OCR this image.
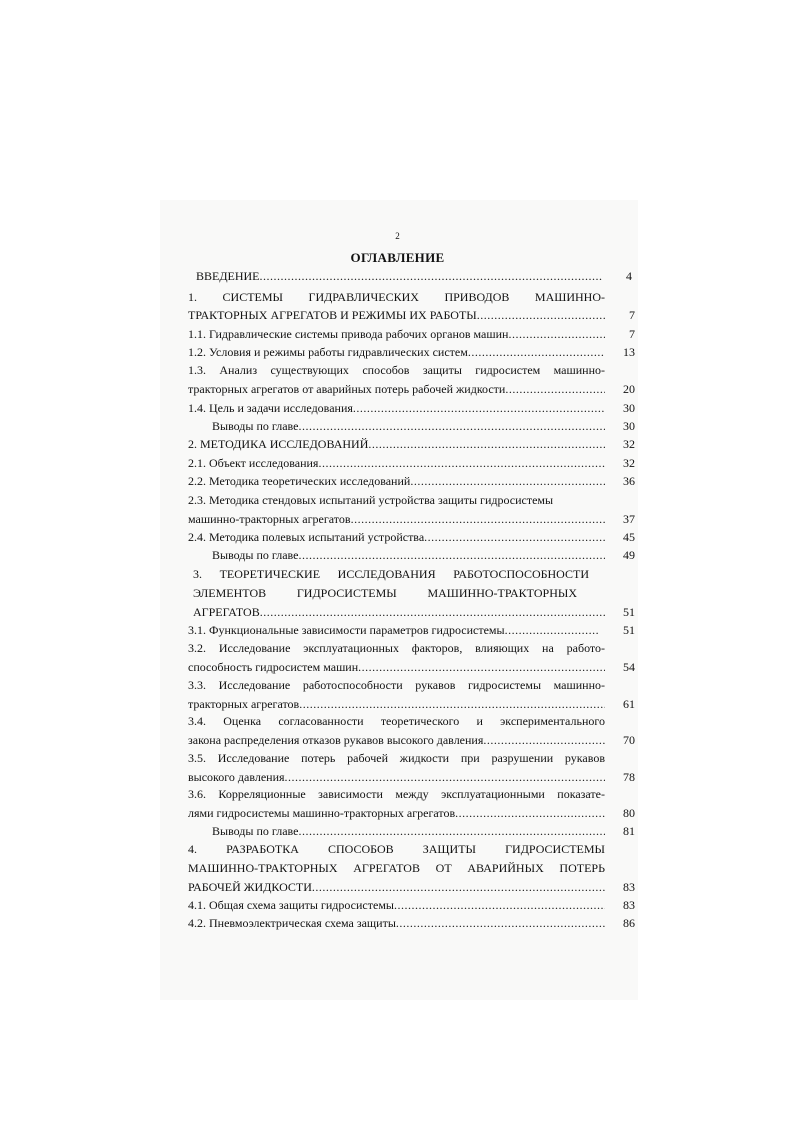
2
ОГЛАВЛЕНИЕ
ВВЕДЕНИЕ .....	4
1. СИСТЕМЫ ГИДРАВЛИЧЕСКИХ ПРИВОДОВ МАШИННО-
ТРАКТОРНЫХ АГРЕГАТОВ И РЕЖИМЫ ИХ РАБОТЫ .....	7
1.1. Гидравлические системы привода рабочих органов машин .....	7
1.2. Условия и режимы работы гидравлических систем .....	13
1.3. Анализ существующих способов защиты гидросистем машинно-
тракторных агрегатов от аварийных потерь рабочей жидкости .....	20
1.4. Цель и задачи исследования .....	30
Выводы по главе .....	30
2. МЕТОДИКА ИССЛЕДОВАНИЙ .....	32
2.1. Объект исследования .....	32
2.2. Методика теоретических исследований .....	36
2.3. Методика стендовых испытаний устройства защиты гидросистемы
машинно-тракторных агрегатов .....	37
2.4. Методика полевых испытаний устройства .....	45
Выводы по главе .....	49
3. ТЕОРЕТИЧЕСКИЕ ИССЛЕДОВАНИЯ РАБОТОСПОСОБНОСТИ
ЭЛЕМЕНТОВ ГИДРОСИСТЕМЫ МАШИННО-ТРАКТОРНЫХ
АГРЕГАТОВ .....	51
3.1. Функциональные зависимости параметров гидросистемы .....	51
3.2. Исследование эксплуатационных факторов, влияющих на работо-
способность гидросистем машин .....	54
3.3. Исследование работоспособности рукавов гидросистемы машинно-
тракторных агрегатов .....	61
3.4. Оценка согласованности теоретического и экспериментального
закона распределения отказов рукавов высокого давления .....	70
3.5. Исследование потерь рабочей жидкости при разрушении рукавов
высокого давления .....	78
3.6. Корреляционные зависимости между эксплуатационными показате-
лями гидросистемы машинно-тракторных агрегатов .....	80
Выводы по главе .....	81
4. РАЗРАБОТКА СПОСОБОВ ЗАЩИТЫ ГИДРОСИСТЕМЫ
МАШИННО-ТРАКТОРНЫХ АГРЕГАТОВ ОТ АВАРИЙНЫХ ПОТЕРЬ
РАБОЧЕЙ ЖИДКОСТИ .....	83
4.1. Общая схема защиты гидросистемы .....	83
4.2. Пневмоэлектрическая схема защиты .....	86
